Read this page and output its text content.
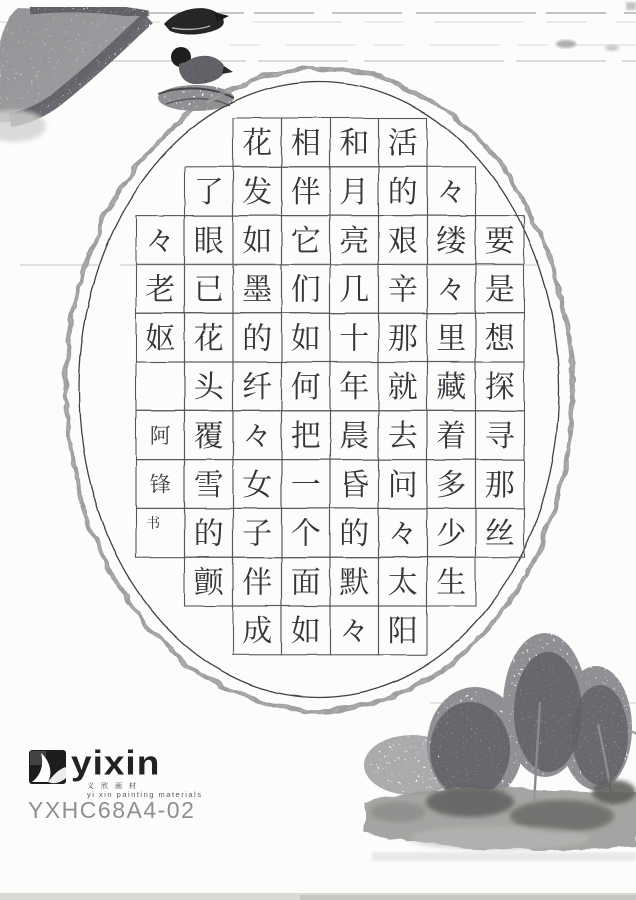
々
老
妪
阿
锋
书
了
眼
已
花
头
覆
雪
的
颤
花
发
如
墨
的
纤
々
女
子
伴
成
相
伴
它
们
如
何
把
一
个
面
如
和
月
亮
几
十
年
晨
昏
的
默
々
活
的
艰
辛
那
就
去
问
々
太
阳
々
缕
々
里
藏
着
多
少
生
要
是
想
探
寻
那
丝
yixin
义欣画材
yi xin painting materials
YXHC68A4-02
